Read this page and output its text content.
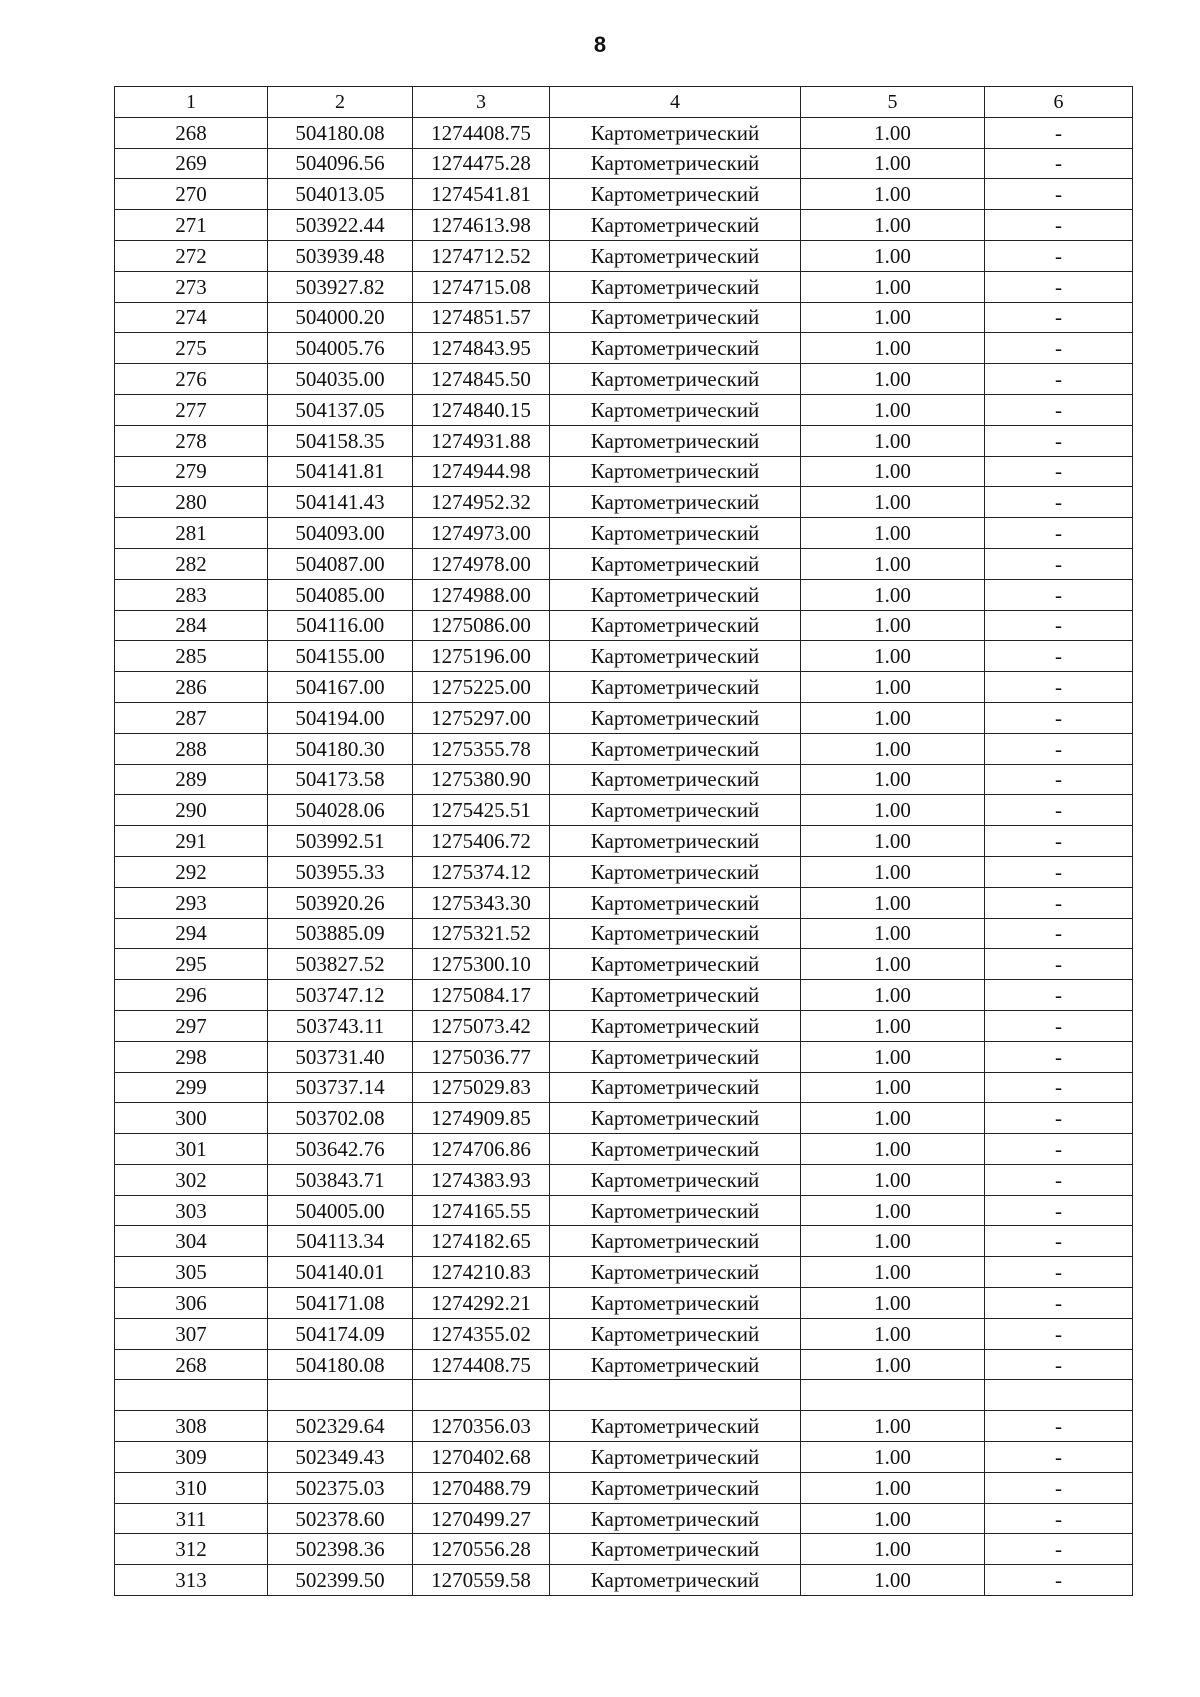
8
1	2	3	4	5	6
268	504180.08	1274408.75	Картометрический	1.00	-
269	504096.56	1274475.28	Картометрический	1.00	-
270	504013.05	1274541.81	Картометрический	1.00	-
271	503922.44	1274613.98	Картометрический	1.00	-
272	503939.48	1274712.52	Картометрический	1.00	-
273	503927.82	1274715.08	Картометрический	1.00	-
274	504000.20	1274851.57	Картометрический	1.00	-
275	504005.76	1274843.95	Картометрический	1.00	-
276	504035.00	1274845.50	Картометрический	1.00	-
277	504137.05	1274840.15	Картометрический	1.00	-
278	504158.35	1274931.88	Картометрический	1.00	-
279	504141.81	1274944.98	Картометрический	1.00	-
280	504141.43	1274952.32	Картометрический	1.00	-
281	504093.00	1274973.00	Картометрический	1.00	-
282	504087.00	1274978.00	Картометрический	1.00	-
283	504085.00	1274988.00	Картометрический	1.00	-
284	504116.00	1275086.00	Картометрический	1.00	-
285	504155.00	1275196.00	Картометрический	1.00	-
286	504167.00	1275225.00	Картометрический	1.00	-
287	504194.00	1275297.00	Картометрический	1.00	-
288	504180.30	1275355.78	Картометрический	1.00	-
289	504173.58	1275380.90	Картометрический	1.00	-
290	504028.06	1275425.51	Картометрический	1.00	-
291	503992.51	1275406.72	Картометрический	1.00	-
292	503955.33	1275374.12	Картометрический	1.00	-
293	503920.26	1275343.30	Картометрический	1.00	-
294	503885.09	1275321.52	Картометрический	1.00	-
295	503827.52	1275300.10	Картометрический	1.00	-
296	503747.12	1275084.17	Картометрический	1.00	-
297	503743.11	1275073.42	Картометрический	1.00	-
298	503731.40	1275036.77	Картометрический	1.00	-
299	503737.14	1275029.83	Картометрический	1.00	-
300	503702.08	1274909.85	Картометрический	1.00	-
301	503642.76	1274706.86	Картометрический	1.00	-
302	503843.71	1274383.93	Картометрический	1.00	-
303	504005.00	1274165.55	Картометрический	1.00	-
304	504113.34	1274182.65	Картометрический	1.00	-
305	504140.01	1274210.83	Картометрический	1.00	-
306	504171.08	1274292.21	Картометрический	1.00	-
307	504174.09	1274355.02	Картометрический	1.00	-
268	504180.08	1274408.75	Картометрический	1.00	-

308	502329.64	1270356.03	Картометрический	1.00	-
309	502349.43	1270402.68	Картометрический	1.00	-
310	502375.03	1270488.79	Картометрический	1.00	-
311	502378.60	1270499.27	Картометрический	1.00	-
312	502398.36	1270556.28	Картометрический	1.00	-
313	502399.50	1270559.58	Картометрический	1.00	-
